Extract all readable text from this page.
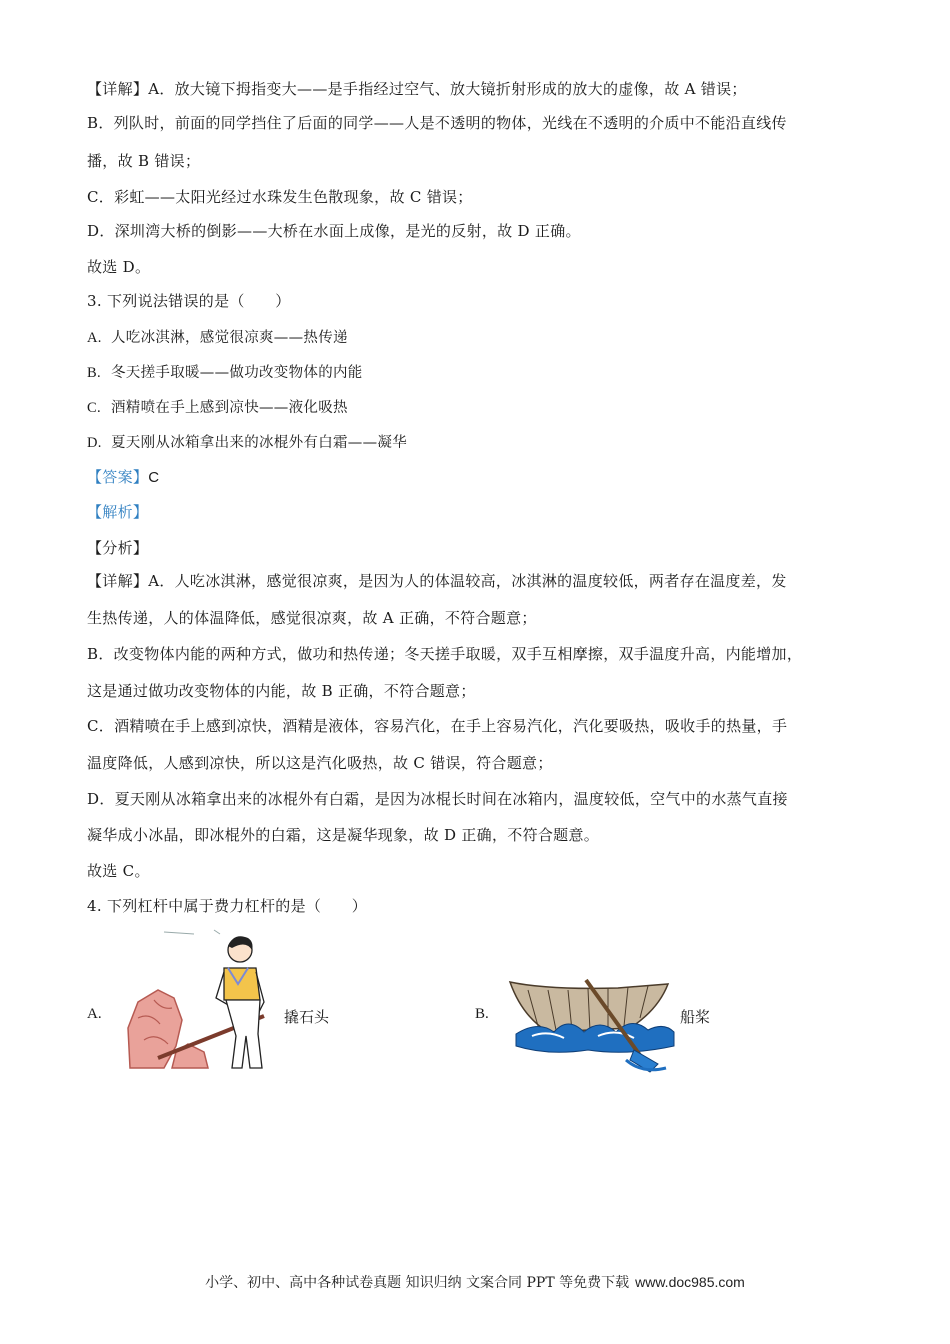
【详解】A．放大镜下拇指变大——是手指经过空气、放大镜折射形成的放大的虚像，故 A 错误；
B．列队时，前面的同学挡住了后面的同学——人是不透明的物体，光线在不透明的介质中不能沿直线传
播，故 B 错误；
C．彩虹——太阳光经过水珠发生色散现象，故 C 错误；
D．深圳湾大桥的倒影——大桥在水面上成像，是光的反射，故 D 正确。
故选 D。
3. 下列说法错误的是（　　）
A. 人吃冰淇淋，感觉很凉爽——热传递
B. 冬天搓手取暖——做功改变物体的内能
C. 酒精喷在手上感到凉快——液化吸热
D. 夏天刚从冰箱拿出来的冰棍外有白霜——凝华
【答案】C
【解析】
【分析】
【详解】A．人吃冰淇淋，感觉很凉爽，是因为人的体温较高，冰淇淋的温度较低，两者存在温度差，发
生热传递，人的体温降低，感觉很凉爽，故 A 正确，不符合题意；
B．改变物体内能的两种方式，做功和热传递；冬天搓手取暖，双手互相摩擦，双手温度升高，内能增加，
这是通过做功改变物体的内能，故 B 正确，不符合题意；
C．酒精喷在手上感到凉快，酒精是液体，容易汽化，在手上容易汽化，汽化要吸热，吸收手的热量，手
温度降低，人感到凉快，所以这是汽化吸热，故 C 错误，符合题意；
D．夏天刚从冰箱拿出来的冰棍外有白霜，是因为冰棍长时间在冰箱内，温度较低，空气中的水蒸气直接
凝华成小冰晶，即冰棍外的白霜，这是凝华现象，故 D 正确，不符合题意。
故选 C。
4. 下列杠杆中属于费力杠杆的是（　　）
A.	撬石头	B.	船桨
小学、初中、高中各种试卷真题 知识归纳 文案合同 PPT 等免费下载 www.doc985.com
